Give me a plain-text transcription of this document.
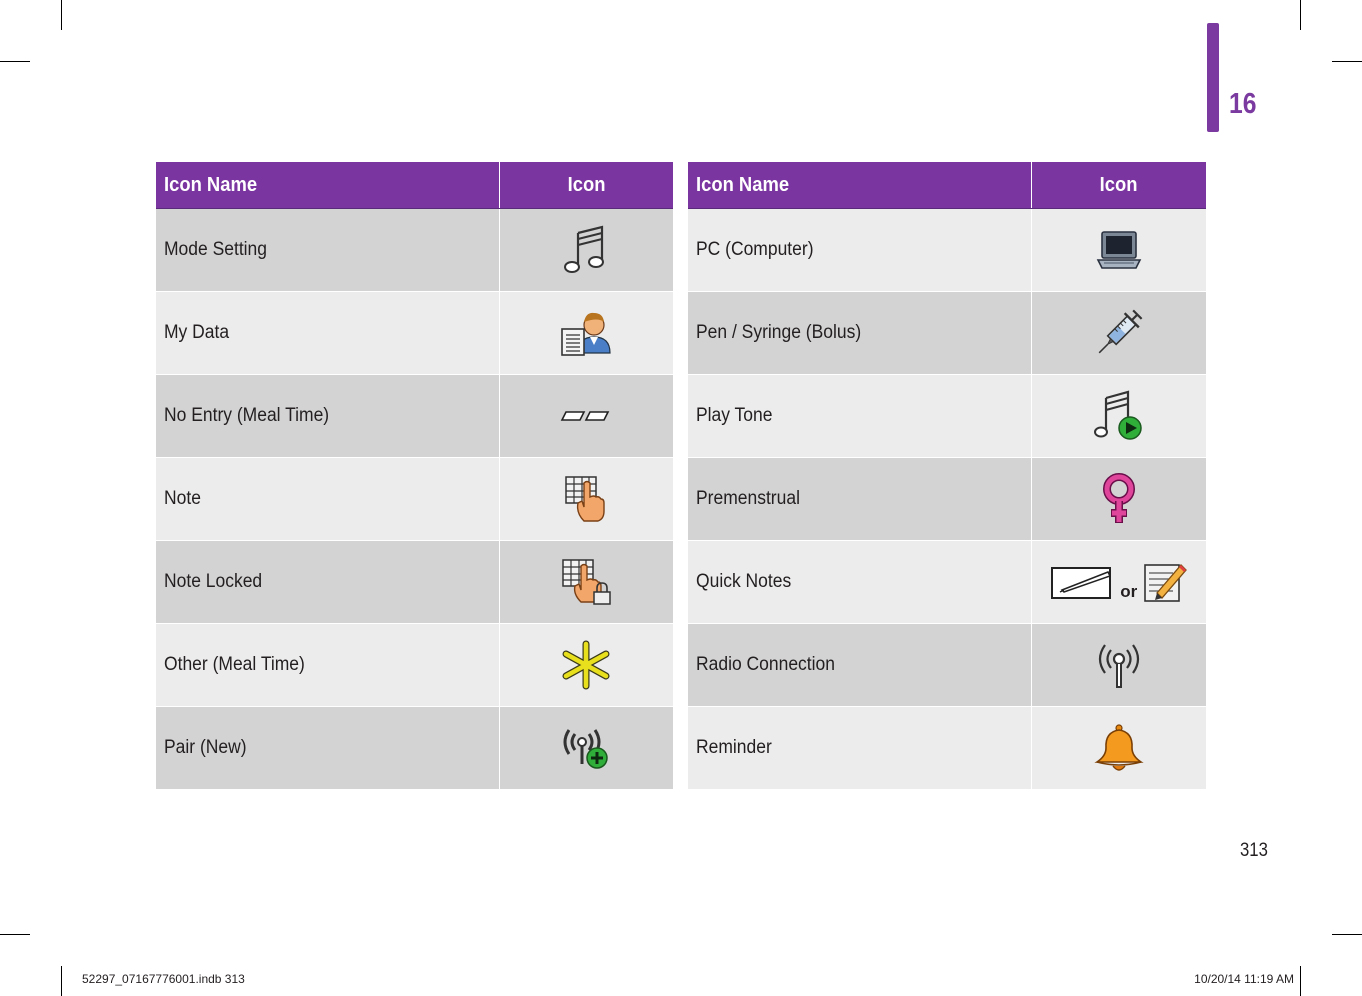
16
Icon Name	Icon
Mode Setting	
My Data	
No Entry (Meal Time)	
Note	
Note Locked	
Other (Meal Time)	
Pair (New)	
Icon Name	Icon
PC (Computer)	
Pen / Syringe (Bolus)	
Play Tone	
Premenstrual	
Quick Notes	or
Radio Connection	
Reminder	
313
52297_07167776001.indb 313	10/20/14 11:19 AM
